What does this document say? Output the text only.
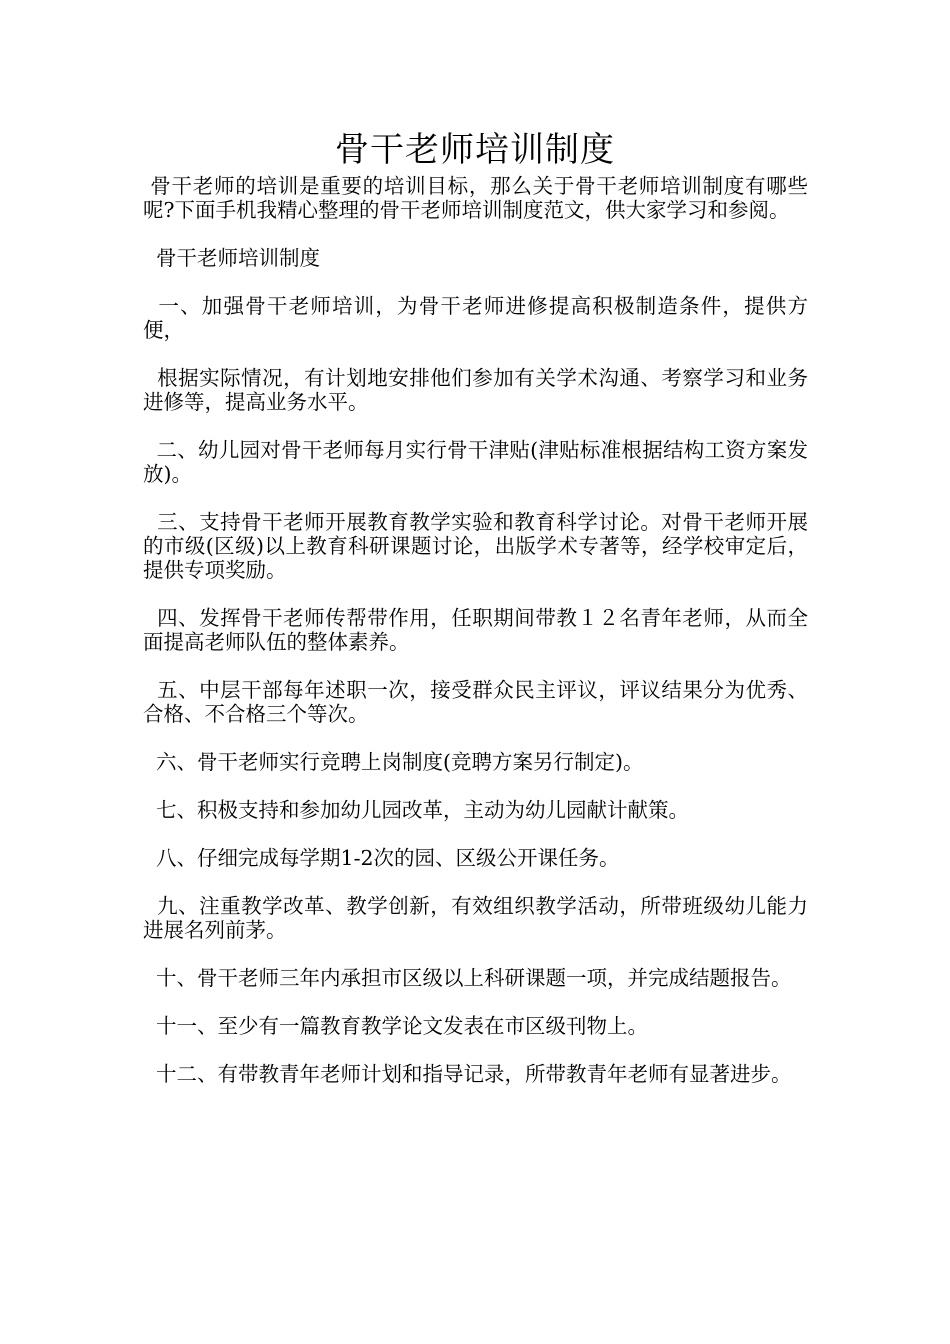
骨干老师培训制度

骨干老师的培训是重要的培训目标，那么关于骨干老师培训制度有哪些呢?下面手机我精心整理的骨干老师培训制度范文，供大家学习和参阅。

骨干老师培训制度

一、加强骨干老师培训，为骨干老师进修提高积极制造条件，提供方便，

根据实际情况，有计划地安排他们参加有关学术沟通、考察学习和业务进修等，提高业务水平。

二、幼儿园对骨干老师每月实行骨干津贴(津贴标准根据结构工资方案发放)。

三、支持骨干老师开展教育教学实验和教育科学讨论。对骨干老师开展的市级(区级)以上教育科研课题讨论，出版学术专著等，经学校审定后，提供专项奖励。

四、发挥骨干老师传帮带作用，任职期间带教１２名青年老师，从而全面提高老师队伍的整体素养。

五、中层干部每年述职一次，接受群众民主评议，评议结果分为优秀、合格、不合格三个等次。

六、骨干老师实行竞聘上岗制度(竞聘方案另行制定)。

七、积极支持和参加幼儿园改革，主动为幼儿园献计献策。

八、仔细完成每学期1-2次的园、区级公开课任务。

九、注重教学改革、教学创新，有效组织教学活动，所带班级幼儿能力进展名列前茅。

十、骨干老师三年内承担市区级以上科研课题一项，并完成结题报告。

十一、至少有一篇教育教学论文发表在市区级刊物上。

十二、有带教青年老师计划和指导记录，所带教青年老师有显著进步。
